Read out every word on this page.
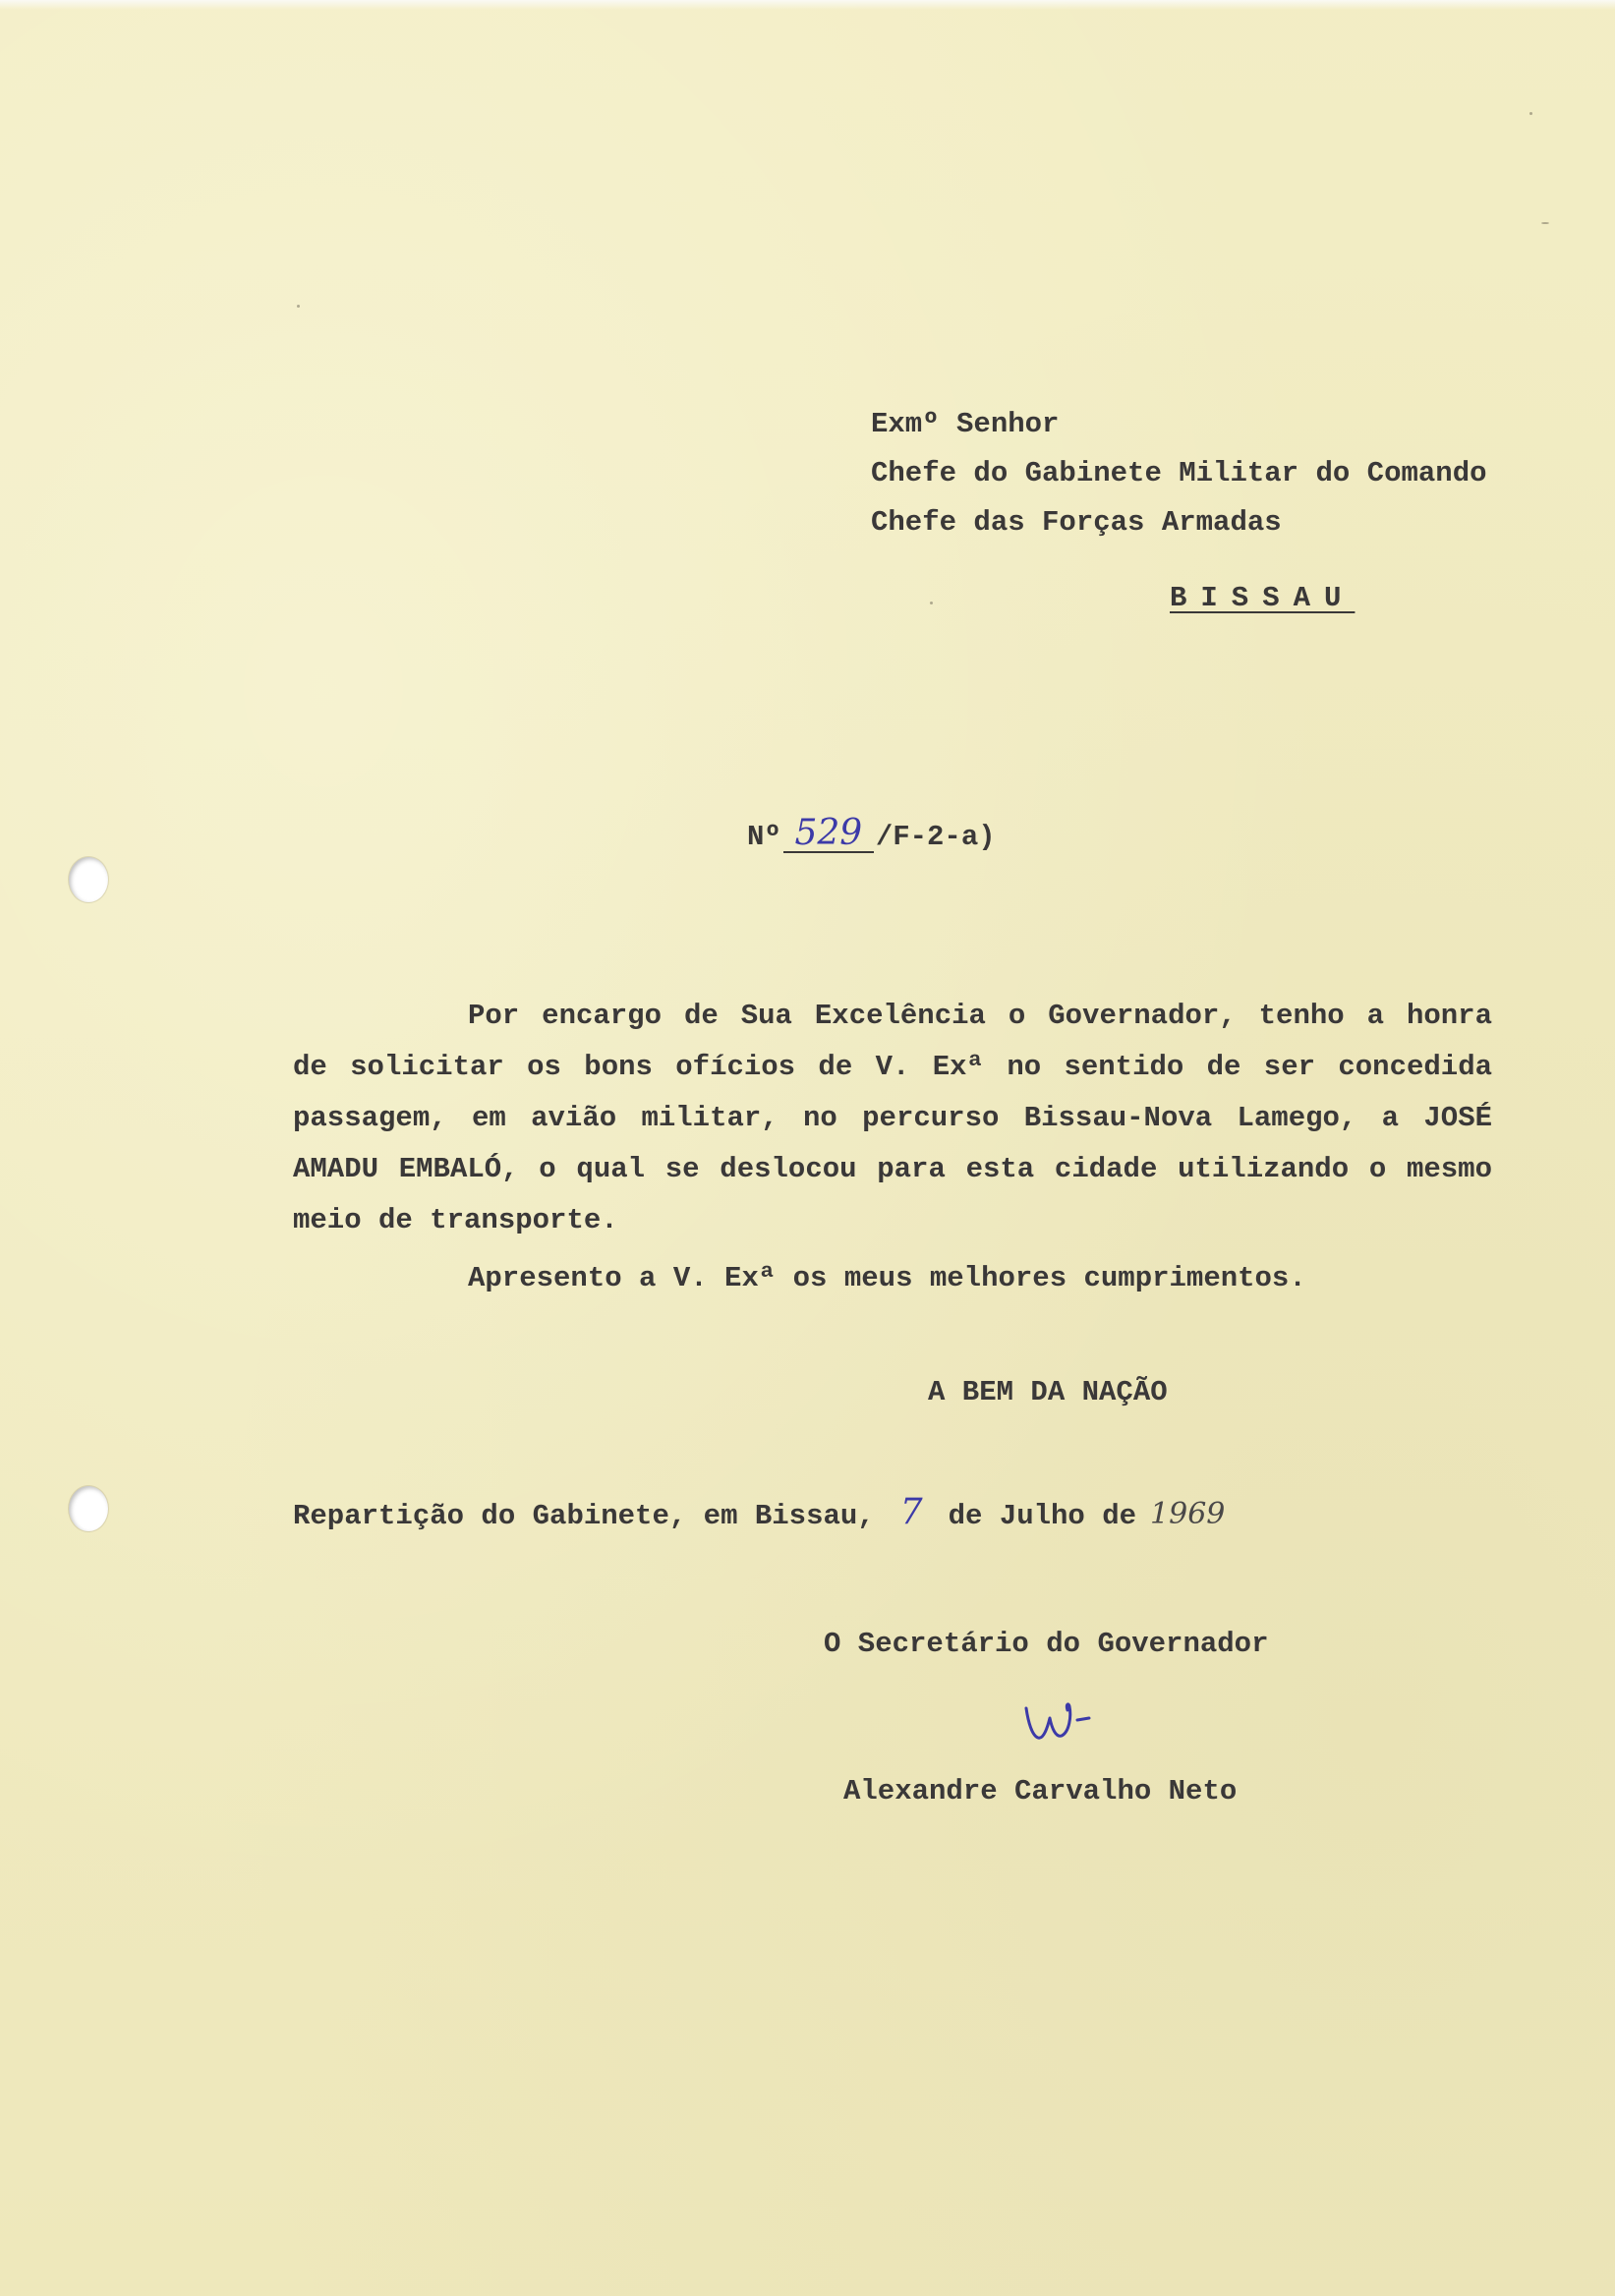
Exmº Senhor

Chefe do Gabinete Militar do Comando

Chefe das Forças Armadas

BISSAU

Nº 529 /F-2-a)

Por encargo de Sua Excelência o Governador, tenho a honra de solicitar os bons ofícios de V. Exª no sentido de ser concedida passagem, em avião militar, no percurso Bissau-Nova Lamego, a JOSÉ AMADU EMBALÓ, o qual se deslocou para esta cidade utilizando o mesmo meio de transporte.

Apresento a V. Exª os meus melhores cumprimentos.

A BEM DA NAÇÃO

Repartição do Gabinete, em Bissau, 7 de Julho de 1969

O Secretário do Governador

Alexandre Carvalho Neto
